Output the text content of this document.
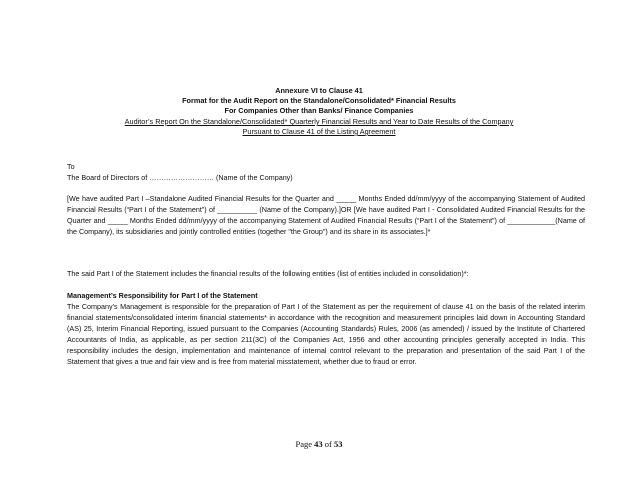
Annexure VI to Clause 41
Format for the Audit Report on the Standalone/Consolidated* Financial Results
For Companies Other than Banks/ Finance Companies
Auditor’s Report On the Standalone/Consolidated* Quarterly Financial Results and Year to Date Results of the Company
Pursuant to Clause 41 of the Listing Agreement
To
The Board of Directors of ……………………… (Name of the Company)
[We have audited Part I –Standalone Audited Financial Results for the Quarter and _____ Months Ended dd/mm/yyyy of the accompanying Statement of Audited Financial Results (“Part I of the Statement”) of __________ (Name of the Company).]OR [We have audited Part I - Consolidated Audited Financial Results for the Quarter and _____ Months Ended dd/mm/yyyy of the accompanying Statement of Audited Financial Results (“Part I of the Statement”) of ____________(Name of the Company), its subsidiaries and jointly controlled entities (together "the Group") and its share in its associates.]*
The said Part I of the Statement includes the financial results of the following entities (list of entities included in consolidation)*:
Management’s Responsibility for Part I of the Statement
The Company’s Management is responsible for the preparation of Part I of the Statement as per the requirement of clause 41 on the basis of the related interim financial statements/consolidated interim financial statements* in accordance with the recognition and measurement principles laid down in Accounting Standard (AS) 25, Interim Financial Reporting, issued pursuant to the Companies (Accounting Standards) Rules, 2006 (as amended) / issued by the Institute of Chartered Accountants of India, as applicable, as per section 211(3C) of the Companies Act, 1956 and other accounting principles generally accepted in India. This responsibility includes the design, implementation and maintenance of internal control relevant to the preparation and presentation of the said Part I of the Statement that gives a true and fair view and is free from material misstatement, whether due to fraud or error.
Page 43 of 53
